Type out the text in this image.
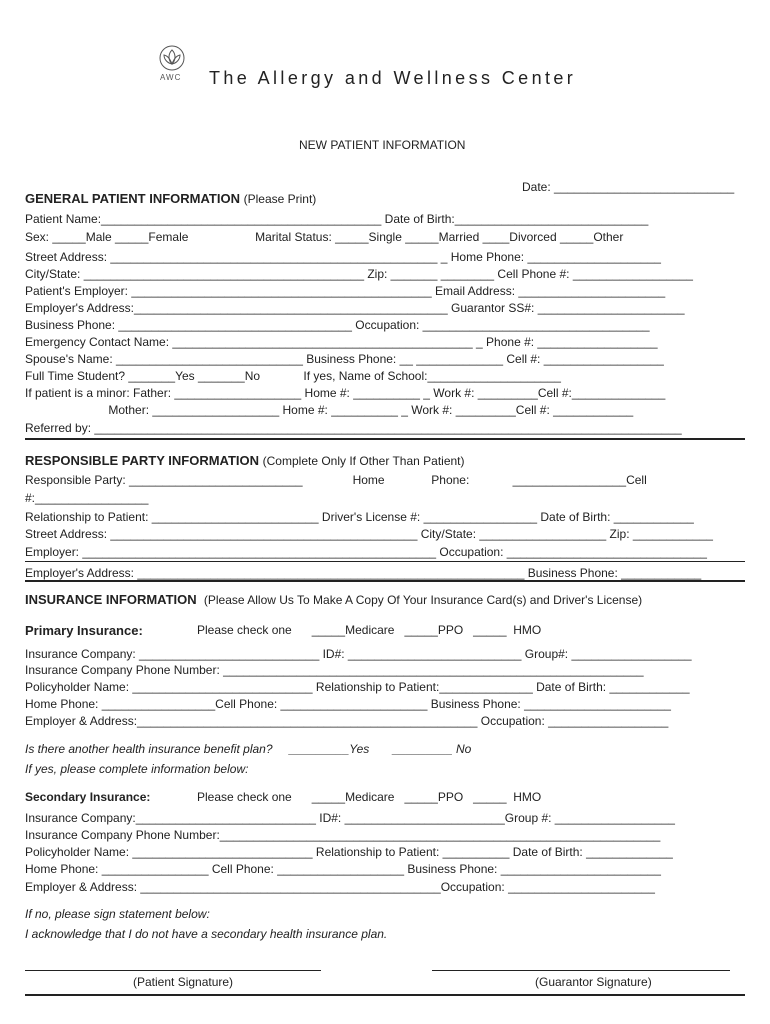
AWC The Allergy and Wellness Center
NEW PATIENT INFORMATION
Date: ___________________________
GENERAL PATIENT INFORMATION (Please Print)
Patient Name:__________________________________________ Date of Birth:_____________________________
Sex: _____Male _____Female                    Marital Status: _____Single _____Married ____Divorced _____Other
Street Address: _________________________________________________ _ Home Phone: ____________________
City/State: __________________________________________ Zip: _______ ________ Cell Phone #: __________________
Patient's Employer: _____________________________________________ Email Address: ______________________
Employer's Address:_______________________________________________ Guarantor SS#: ______________________
Business Phone: ___________________________________ Occupation: __________________________________
Emergency Contact Name: _____________________________________________ _ Phone #: __________________
Spouse's Name: ____________________________ Business Phone: __ _____________ Cell #: __________________
Full Time Student? _______Yes _______No             If yes, Name of School:____________________
If patient is a minor: Father: ___________________ Home #: __________ _ Work #: _________Cell #:______________
Mother: ___________________ Home #: __________ _ Work #: _________Cell #: ____________
Referred by: ________________________________________________________________________________________
RESPONSIBLE PARTY INFORMATION (Complete Only If Other Than Patient)
Responsible Party: __________________________               Home              Phone:             _________________Cell
#:_________________
Relationship to Patient: _________________________ Driver's License #: _________________ Date of Birth: ____________
Street Address: ______________________________________________ City/State: ___________________ Zip: ____________
Employer: _____________________________________________________ Occupation: ______________________________
Employer's Address: __________________________________________________________ Business Phone: ____________
INSURANCE INFORMATION (Please Allow Us To Make A Copy Of Your Insurance Card(s) and Driver's License)
Primary Insurance:	Please check one      _____Medicare   _____PPO   _____  HMO
Insurance Company: ___________________________ ID#: __________________________ Group#: __________________
Insurance Company Phone Number: _______________________________________________________________
Policyholder Name: ___________________________ Relationship to Patient:______________ Date of Birth: ____________
Home Phone: _________________Cell Phone: ______________________ Business Phone: ______________________
Employer & Address:___________________________________________________ Occupation: __________________
Is there another health insurance benefit plan?     _________Yes       _________ No
If yes, please complete information below:
Secondary Insurance:	Please check one      _____Medicare   _____PPO   _____  HMO
Insurance Company:___________________________ ID#: ________________________Group #: __________________
Insurance Company Phone Number:__________________________________________________________________
Policyholder Name: ___________________________ Relationship to Patient: __________ Date of Birth: _____________
Home Phone: ________________ Cell Phone: ___________________ Business Phone: ________________________
Employer & Address: _____________________________________________Occupation: ______________________
If no, please sign statement below:
I acknowledge that I do not have a secondary health insurance plan.
(Patient Signature)	(Guarantor Signature)
